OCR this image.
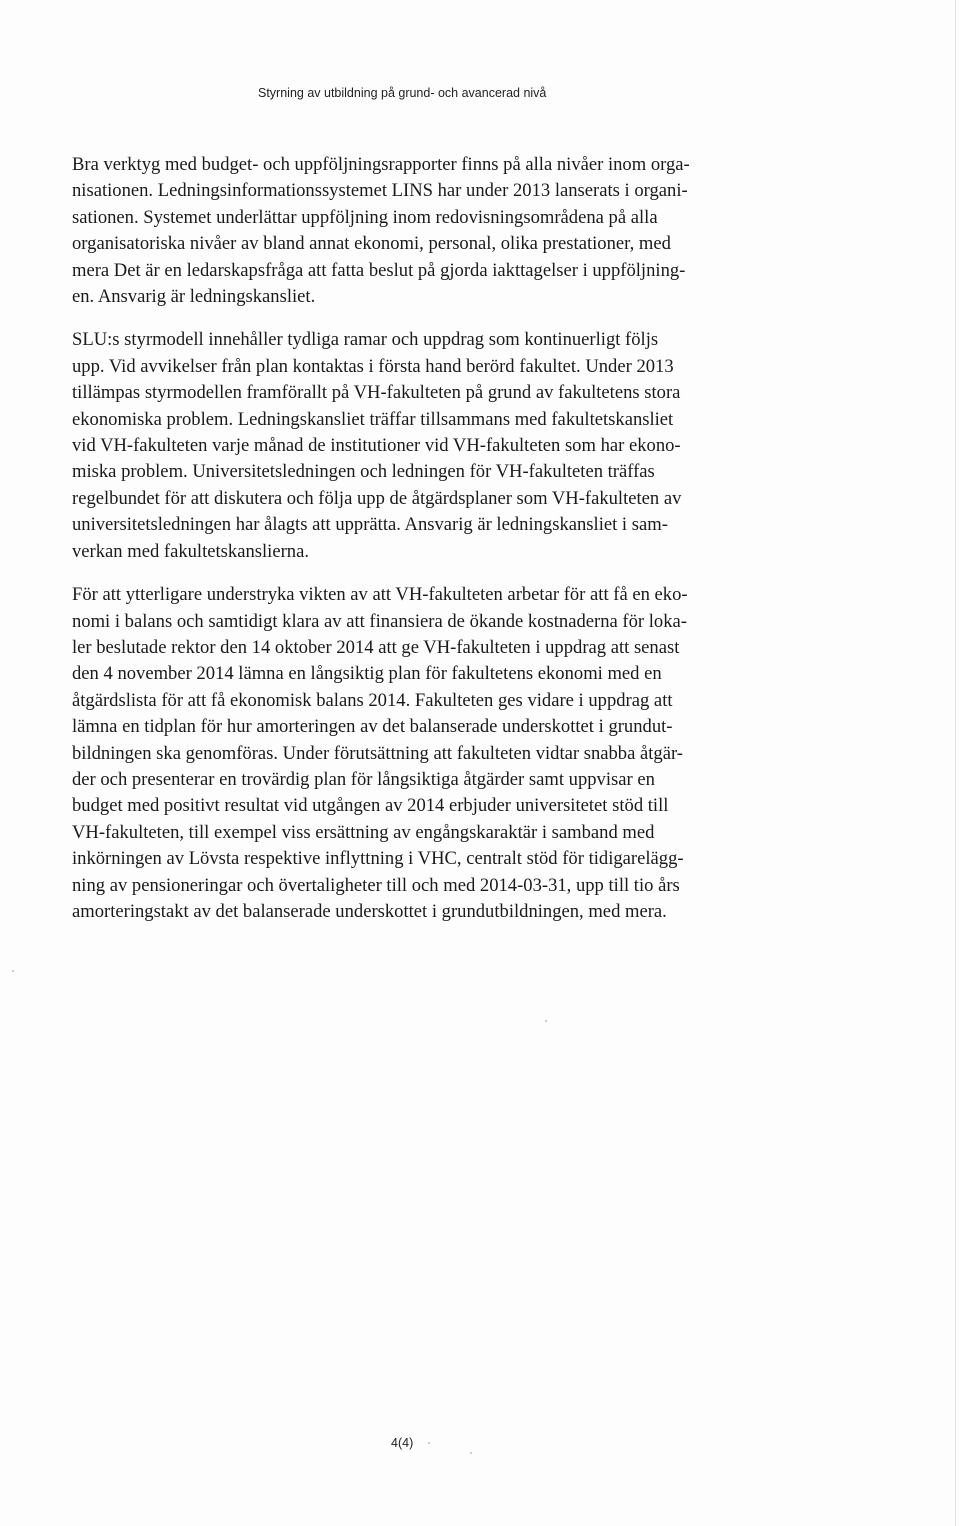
Styrning av utbildning på grund- och avancerad nivå
Bra verktyg med budget- och uppföljningsrapporter finns på alla nivåer inom orga-
nisationen. Ledningsinformationssystemet LINS har under 2013 lanserats i organi-
sationen. Systemet underlättar uppföljning inom redovisningsområdena på alla
organisatoriska nivåer av bland annat ekonomi, personal, olika prestationer, med
mera Det är en ledarskapsfråga att fatta beslut på gjorda iakttagelser i uppföljning-
en. Ansvarig är ledningskansliet.
SLU:s styrmodell innehåller tydliga ramar och uppdrag som kontinuerligt följs
upp. Vid avvikelser från plan kontaktas i första hand berörd fakultet. Under 2013
tillämpas styrmodellen framförallt på VH-fakulteten på grund av fakultetens stora
ekonomiska problem. Ledningskansliet träffar tillsammans med fakultetskansliet
vid VH-fakulteten varje månad de institutioner vid VH-fakulteten som har ekono-
miska problem. Universitetsledningen och ledningen för VH-fakulteten träffas
regelbundet för att diskutera och följa upp de åtgärdsplaner som VH-fakulteten av
universitetsledningen har ålagts att upprätta. Ansvarig är ledningskansliet i sam-
verkan med fakultetskanslierna.
För att ytterligare understryka vikten av att VH-fakulteten arbetar för att få en eko-
nomi i balans och samtidigt klara av att finansiera de ökande kostnaderna för loka-
ler beslutade rektor den 14 oktober 2014 att ge VH-fakulteten i uppdrag att senast
den 4 november 2014 lämna en långsiktig plan för fakultetens ekonomi med en
åtgärdslista för att få ekonomisk balans 2014. Fakulteten ges vidare i uppdrag att
lämna en tidplan för hur amorteringen av det balanserade underskottet i grundut-
bildningen ska genomföras. Under förutsättning att fakulteten vidtar snabba åtgär-
der och presenterar en trovärdig plan för långsiktiga åtgärder samt uppvisar en
budget med positivt resultat vid utgången av 2014 erbjuder universitetet stöd till
VH-fakulteten, till exempel viss ersättning av engångskaraktär i samband med
inkörningen av Lövsta respektive inflyttning i VHC, centralt stöd för tidigarelägg-
ning av pensioneringar och övertaligheter till och med 2014-03-31, upp till tio års
amorteringstakt av det balanserade underskottet i grundutbildningen, med mera.
4(4)
